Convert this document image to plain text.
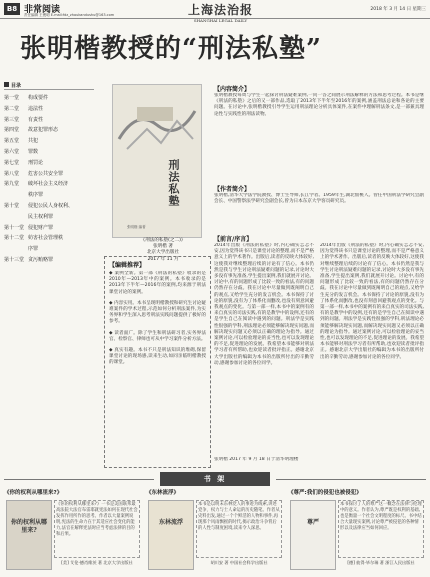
B8 非常阅读
责任编辑 王俊明 E-mail:fdz_zhoukandushu@163.com	上海法治报
SHANGHAI LEGAL DAILY
2018 年 3 月 14 日 星期三
张明楷教授的“刑法私塾”
目录
第一堂 构成要件
第二堂 违法性
第三堂 有责性
第四堂 故意犯罪形态
第五堂 共犯
第六堂 罪数
第七堂 刑罚论
第八堂 危害公共安全罪
第九堂 破坏社会主义经济
秩序罪
第十堂 侵犯公民人身权利、
民主权利罪
第十一堂 侵犯财产罪
第十二堂 妨害社会管理秩
序罪
第十三堂 贪污贿赂罪
刑法私塾
张明楷 编著
《刑法的私塾(之二)》
张明楷 著
北京大学出版社
2017 年 11 月
【编辑推荐】
◆ 案例全新。第一部《刑法的私塾》收录的是2010年—2013年中的案例。本书收录的是2013年下半年—2016年的案例,均来源于刑法课堂讨论的案例。
◆ 内容实用。本书呈现明楷教授和研究生讨论疑难案件的学术过程,示范如何分析刑法案件,为实务界和学生深入思考刑法实践问题提供了极好的参考。
◆ 读者面广。除了学生和刑法研习者,实务界法官、检察官、律师也可从中学习案件分析方法。
◆ 真实有趣。本书不只是刑法知识的堆砌,保留课堂讨论的现场感,读来生动,如同亲临明楷教授的课堂。
【内容简介】
张明楷教授每周与学生一起探讨刑法疑难案例,一问一答之间展示刑法解释的方法和思考过程。本书是继《刑法的私塾》之后的又一部作品,选取了2013年下半年至2016年的案例,涵盖刑法总论和各论的主要问题。在讨论中,张明楷教授引导学生运用刑法理论分析具体案件,在案件中理解刑法条文,是一部兼具理论性与实践性的刑法读物。
【作者简介】
张明楷,清华大学法学院教授、博士生导师,长江学者。1959年生,湖北仙桃人。曾任中国刑法学研究会副会长、中国警察法学研究会副会长,曾为日本东京大学客员研究员。
【前言/序言】
2014年出版《刑法的私塾》时,内心确实忐忑不安,因为觉得该书只是课堂讨论的整理,而不是严格意义上的学术著作。出版后,读者的反映大体较好,这使我对继续整理后续的讨论有了信心。本书仍然是我与学生讨论刑法疑难问题的记录,讨论时大多没有事先准备,学生提出案例,我们就展开讨论。讨论中,有的问题形成了比较一致的看法,有的问题仍然存在分歧。我在讨论中尽量做到既阐明自己的观点,又给学生充分的发言机会。本书保持了讨论的原貌,没有为了体系化而删改,也没有刻意回避我观点的变化。与第一部一样,本书中的案例有的来自真实的司法实践,有的是教学中的设例,还有的是学生自己在阅读中遇到的问题。刑法学是实践性很强的学科,刑法理论必须能够解决现实问题,而解决现实问题又必须以正确的理论为指导。通过案例讨论,可以检验理论的妥当性,也可以发现理论的不足,促进理论的发展。我希望本书能够对刑法学习者有所帮助,也欢迎读者批评指正。感谢北京大学出版社的编辑为本书的出版所付出的辛勤劳动,感谢参加讨论的各位同学。
2014年出版《刑法的私塾》时,内心确实忐忑不安,因为觉得该书只是课堂讨论的整理,而不是严格意义上的学术著作。出版后,读者的反映大体较好,这使我对继续整理后续的讨论有了信心。本书仍然是我与学生讨论刑法疑难问题的记录,讨论时大多没有事先准备,学生提出案例,我们就展开讨论。讨论中,有的问题形成了比较一致的看法,有的问题仍然存在分歧。我在讨论中尽量做到既阐明自己的观点,又给学生充分的发言机会。本书保持了讨论的原貌,没有为了体系化而删改,也没有刻意回避我观点的变化。与第一部一样,本书中的案例有的来自真实的司法实践,有的是教学中的设例,还有的是学生自己在阅读中遇到的问题。刑法学是实践性很强的学科,刑法理论必须能够解决现实问题,而解决现实问题又必须以正确的理论为指导。通过案例讨论,可以检验理论的妥当性,也可以发现理论的不足,促进理论的发展。我希望本书能够对刑法学习者有所帮助,也欢迎读者批评指正。感谢北京大学出版社的编辑为本书的出版所付出的辛勤劳动,感谢参加讨论的各位同学。
张明楷 2017 年 9 月 18 日于清华明理楼
书 架
《你的权利从哪里来?》
你的权利从哪里来?
《你的权利从哪里来?》一书是美国联邦最高法院大法官布雷耶就宪法如何在现代社会发挥作用所作的思考。作者以大量案例说明,宪法的生命力在于其适应社会变化的能力,法官在解释宪法时应当考虑法律的目的和后果。
[美] 艾伦·德肖维茨 著 北京大学出版社
《东林流浮》
东林流浮
本书是以明末东林党人的事迹为线索,讲述党争、权力与士人命运的历史随笔。作者从史料出发,通过一个个鲜活的人物和事件,再现那个风雨飘摇的时代,揭示政治斗争背后的人性与制度困境,读来令人深思。
胡川安 著 中国社会科学出版社
《尊严:我们的侵犯也被侵犯》
尊严
本书探讨了人的尊严这一概念在法律与伦理中的意义。作者认为,尊严既是权利的基础,也是衡量一个社会文明程度的标尺。书中结合大量现实案例,讨论尊严被侵犯的各种情形以及法律应当如何回应。
[德] 彼得·毕尔瑞 著 浙江人民出版社
